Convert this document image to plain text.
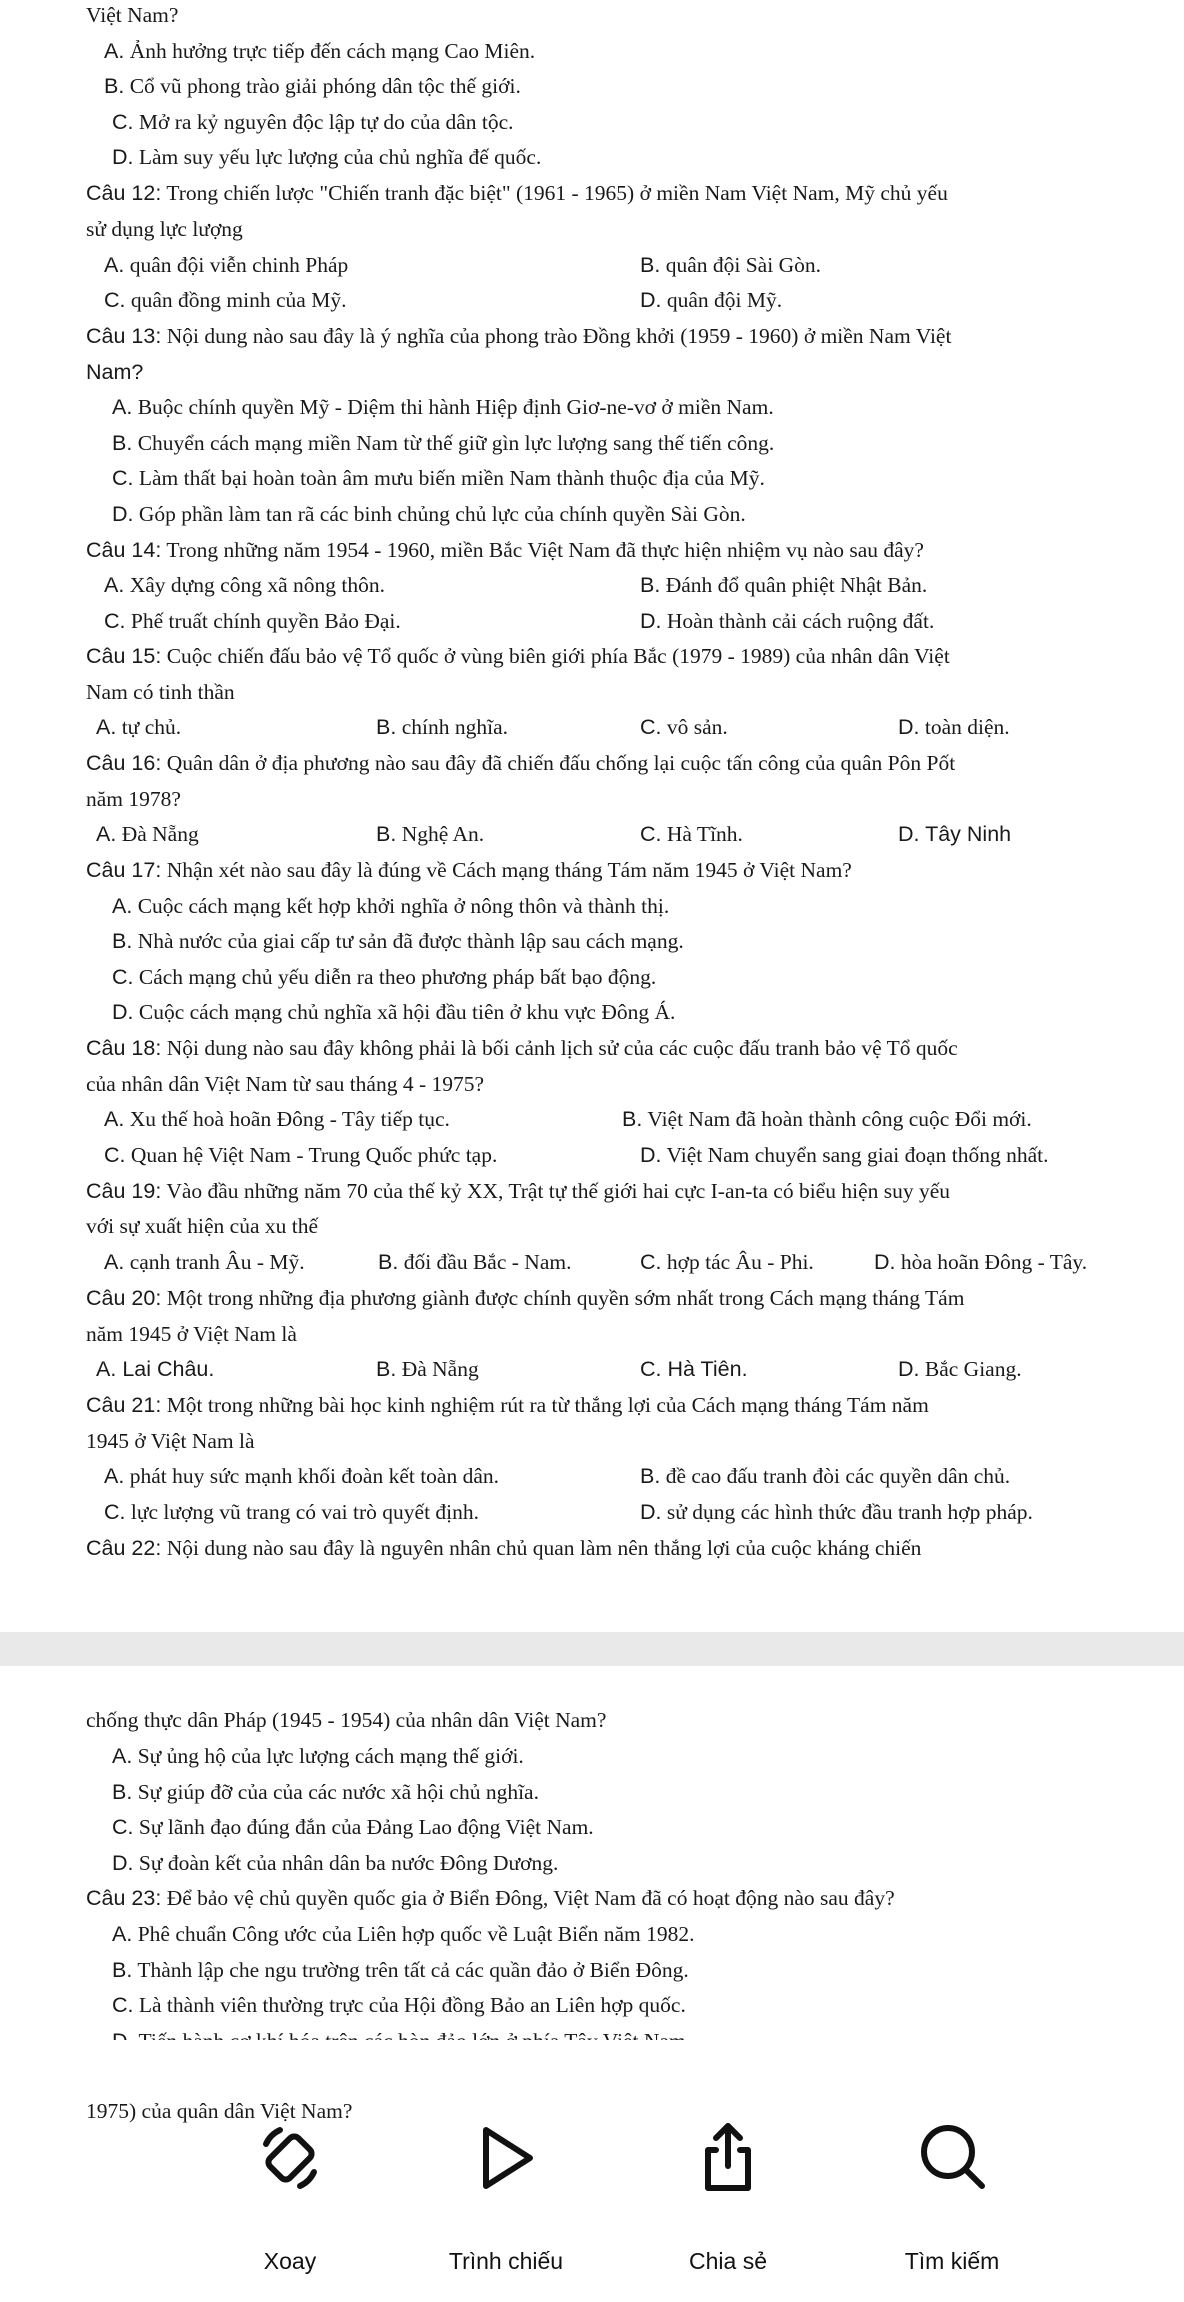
Việt Nam?
A. Ảnh hưởng trực tiếp đến cách mạng Cao Miên.
B. Cổ vũ phong trào giải phóng dân tộc thế giới.
C. Mở ra kỷ nguyên độc lập tự do của dân tộc.
D. Làm suy yếu lực lượng của chủ nghĩa đế quốc.
Câu 12: Trong chiến lược "Chiến tranh đặc biệt" (1961 - 1965) ở miền Nam Việt Nam, Mỹ chủ yếu
sử dụng lực lượng
A. quân đội viễn chinh Pháp	B. quân đội Sài Gòn.
C. quân đồng minh của Mỹ.	D. quân đội Mỹ.
Câu 13: Nội dung nào sau đây là ý nghĩa của phong trào Đồng khởi (1959 - 1960) ở miền Nam Việt
Nam?
A. Buộc chính quyền Mỹ - Diệm thi hành Hiệp định Giơ-ne-vơ ở miền Nam.
B. Chuyển cách mạng miền Nam từ thế giữ gìn lực lượng sang thế tiến công.
C. Làm thất bại hoàn toàn âm mưu biến miền Nam thành thuộc địa của Mỹ.
D. Góp phần làm tan rã các binh chủng chủ lực của chính quyền Sài Gòn.
Câu 14: Trong những năm 1954 - 1960, miền Bắc Việt Nam đã thực hiện nhiệm vụ nào sau đây?
A. Xây dựng công xã nông thôn.	B. Đánh đổ quân phiệt Nhật Bản.
C. Phế truất chính quyền Bảo Đại.	D. Hoàn thành cải cách ruộng đất.
Câu 15: Cuộc chiến đấu bảo vệ Tổ quốc ở vùng biên giới phía Bắc (1979 - 1989) của nhân dân Việt
Nam có tinh thần
A. tự chủ.	B. chính nghĩa.	C. vô sản.	D. toàn diện.
Câu 16: Quân dân ở địa phương nào sau đây đã chiến đấu chống lại cuộc tấn công của quân Pôn Pốt
năm 1978?
A. Đà Nẵng	B. Nghệ An.	C. Hà Tĩnh.	D. Tây Ninh
Câu 17: Nhận xét nào sau đây là đúng về Cách mạng tháng Tám năm 1945 ở Việt Nam?
A. Cuộc cách mạng kết hợp khởi nghĩa ở nông thôn và thành thị.
B. Nhà nước của giai cấp tư sản đã được thành lập sau cách mạng.
C. Cách mạng chủ yếu diễn ra theo phương pháp bất bạo động.
D. Cuộc cách mạng chủ nghĩa xã hội đầu tiên ở khu vực Đông Á.
Câu 18: Nội dung nào sau đây không phải là bối cảnh lịch sử của các cuộc đấu tranh bảo vệ Tổ quốc
của nhân dân Việt Nam từ sau tháng 4 - 1975?
A. Xu thế hoà hoãn Đông - Tây tiếp tục.	B. Việt Nam đã hoàn thành công cuộc Đổi mới.
C. Quan hệ Việt Nam - Trung Quốc phức tạp.	D. Việt Nam chuyển sang giai đoạn thống nhất.
Câu 19: Vào đầu những năm 70 của thế kỷ XX, Trật tự thế giới hai cực I-an-ta có biểu hiện suy yếu
với sự xuất hiện của xu thế
A. cạnh tranh Âu - Mỹ.	B. đối đầu Bắc - Nam.	C. hợp tác Âu - Phi.	D. hòa hoãn Đông - Tây.
Câu 20: Một trong những địa phương giành được chính quyền sớm nhất trong Cách mạng tháng Tám
năm 1945 ở Việt Nam là
A. Lai Châu.	B. Đà Nẵng	C. Hà Tiên.	D. Bắc Giang.
Câu 21: Một trong những bài học kinh nghiệm rút ra từ thắng lợi của Cách mạng tháng Tám năm
1945 ở Việt Nam là
A. phát huy sức mạnh khối đoàn kết toàn dân.	B. đề cao đấu tranh đòi các quyền dân chủ.
C. lực lượng vũ trang có vai trò quyết định.	D. sử dụng các hình thức đầu tranh hợp pháp.
Câu 22: Nội dung nào sau đây là nguyên nhân chủ quan làm nên thắng lợi của cuộc kháng chiến
chống thực dân Pháp (1945 - 1954) của nhân dân Việt Nam?
A. Sự ủng hộ của lực lượng cách mạng thế giới.
B. Sự giúp đỡ của của các nước xã hội chủ nghĩa.
C. Sự lãnh đạo đúng đắn của Đảng Lao động Việt Nam.
D. Sự đoàn kết của nhân dân ba nước Đông Dương.
Câu 23: Để bảo vệ chủ quyền quốc gia ở Biển Đông, Việt Nam đã có hoạt động nào sau đây?
A. Phê chuẩn Công ước của Liên hợp quốc về Luật Biển năm 1982.
B. Thành lập che ngu trường trên tất cả các quần đảo ở Biển Đông.
C. Là thành viên thường trực của Hội đồng Bảo an Liên hợp quốc.
1975) của quân dân Việt Nam?
Xoay	Trình chiếu	Chia sẻ	Tìm kiếm
